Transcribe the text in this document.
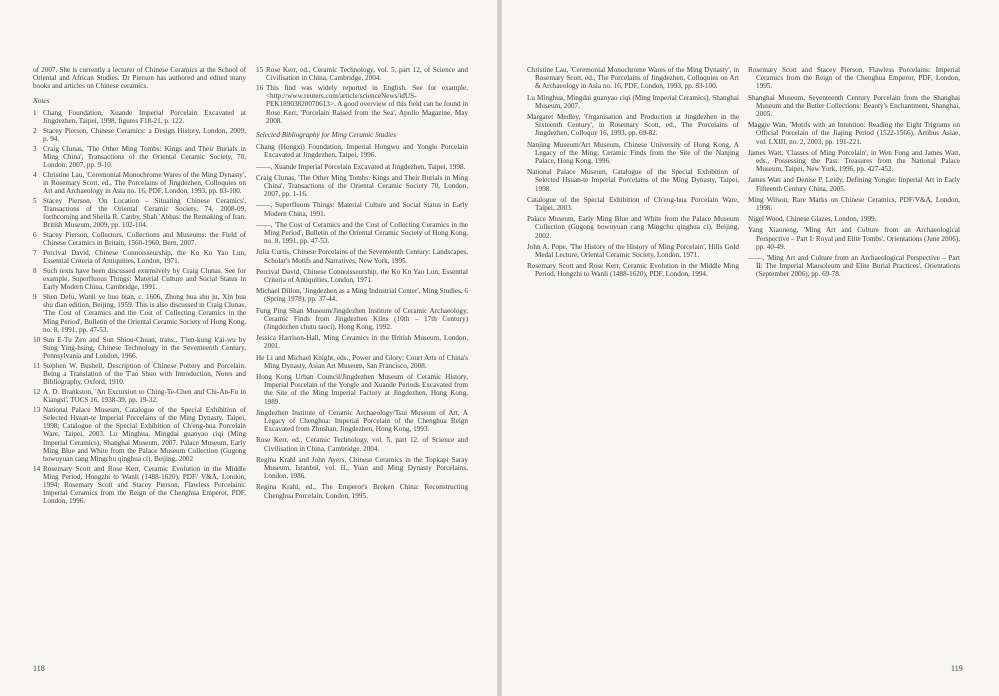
of 2007. She is currently a lecturer of Chinese Ceramics at the School of Oriental and African Studies. Dr Pierson has authored and edited many books and articles on Chinese ceramics.

Notes
1 Chang Foundation, Xuande Imperial Porcelain Excavated at Jingdezhen, Taipei, 1998, figures F18-21, p. 122.
2 Stacey Pierson, Chinese Ceramics: a Design History, London, 2009, p. 94.
3 Craig Clunas, 'The Other Ming Tombs: Kings and Their Burials in Ming China', Transactions of the Oriental Ceramic Society, 70, London, 2007, pp. 9-10.
4 Christine Lau, 'Ceremonial Monochrome Wares of the Ming Dynasty', in Rosemary Scott, ed., The Porcelains of Jingdezhen, Colloquies on Art and Archaeology in Asia no. 16, PDF, London, 1993, pp. 83-100.
5 Stacey Pierson, 'On Location – Situating Chinese Ceramics', Transactions of the Oriental Ceramic Society, 74, 2008-09, forthcoming and Sheila R. Canby, Shah 'Abbas: the Remaking of Iran, British Museum, 2009, pp. 102-104.
6 Stacey Pierson, Collectors, Collections and Museums: the Field of Chinese Ceramics in Britain, 1560-1960, Bern, 2007.
7 Percival David, Chinese Connoisseurship, the Ko Ku Yao Lun, Essential Criteria of Antiquities, London, 1971.
8 Such texts have been discussed extensively by Craig Clunas. See for example, Superfluous Things: Material Culture and Social Status in Early Modern China, Cambridge, 1991.
9 Shen Defu, Wanli ye huo bian, c. 1606, Zhong hua shu ju, Xin hua shu dian edition, Beijing, 1959. This is also discussed in Craig Clunas, 'The Cost of Ceramics and the Cost of Collecting Ceramics in the Ming Period', Bulletin of the Oriental Ceramic Society of Hong Kong, no. 8, 1991, pp. 47-53.
10 Sun E-Tu Zen and Sun Shiou-Chuan, trans., T'ien-kung k'ai-wu by Sung Ying-hsing, Chinese Technology in the Seventeenth Century, Pennsylvania and London, 1966.
11 Stephen W. Bushell, Description of Chinese Pottery and Porcelain. Being a Translation of the T'ao Shuo with Introduction, Notes and Bibliography, Oxford, 1910.
12 A. D. Brankston, 'An Excursion to Ching-Te-Chen and Chi-An-Fu in Kiangsi', TOCS 16, 1938-39, pp. 19-32.
13 National Palace Museum, Catalogue of the Special Exhibition of Selected Hsuan-te Imperial Porcelains of the Ming Dynasty, Taipei, 1998; Catalogue of the Special Exhibition of Ch'eng-hua Porcelain Ware, Taipei, 2003. Lu Minghua, Mingdai guanyao ciqi (Ming Imperial Ceramics), Shanghai Museum, 2007. Palace Museum, Early Ming Blue and White from the Palace Museum Collection (Gugong bowuyuan cang Mingchu qinghua ci), Beijing, 2002
14 Rosemary Scott and Rose Kerr, Ceramic Evolution in the Middle Ming Period, Hongzhi to Wanli (1488-1620), PDF/ V&A, London, 1994; Rosemary Scott and Stacey Pierson, Flawless Porcelains: Imperial Ceramics from the Reign of the Chenghua Emperor, PDF, London, 1996.
15 Rose Kerr, ed., Ceramic Technology, vol. 5, part 12, of Science and Civilisation in China, Cambridge, 2004.
16 This find was widely reported in English. See for example, <http://www.reuters.com/article/scienceNews/idUS-PEK18903820070613>. A good overview of this field can be found in Rose Kerr, 'Porcelain Raised from the Sea', Apollo Magazine, May 2008.
Selected Bibliography for Ming Ceramic Studies

Chang (Hongxi) Foundation, Imperial Hongwu and Yongle Porcelain Excavated at Jingdezhen, Taipei, 1996.

——, Xuande Imperial Porcelain Excavated at Jingdezhen, Taipei, 1998.

Craig Clunas, 'The Other Ming Tombs: Kings and Their Burials in Ming China', Transactions of the Oriental Ceramic Society 70, London, 2007, pp. 1-16.

——, Superfluous Things: Material Culture and Social Status in Early Modern China, 1991.

——, 'The Cost of Ceramics and the Cost of Collecting Ceramics in the Ming Period', Bulletin of the Oriental Ceramic Society of Hong Kong, no. 8, 1991, pp. 47-53.

Julia Curtis, Chinese Porcelains of the Seventeenth Century: Landscapes, Scholar's Motifs and Narratives, New York, 1995.

Percival David, Chinese Connoisseurship, the Ko Ku Yao Lun, Essential Criteria of Antiquities, London, 1971.

Michael Dillon, 'Jingdezhen as a Ming Industrial Center', Ming Studies, 6 (Spring 1978), pp. 37-44.

Fung Ping Shan Museum/Jingdezhen Institute of Ceramic Archaeology, Ceramic Finds from Jingdezhen Kilns (10th – 17th Century) (Jingdezhen chutu taoci), Hong Kong, 1992.

Jessica Harrison-Hall, Ming Ceramics in the British Museum, London, 2001.

He Li and Michael Knight, eds., Power and Glory: Court Arts of China's Ming Dynasty, Asian Art Museum, San Francisco, 2008.

Hong Kong Urban Council/Jingdezhen Museum of Ceramic History, Imperial Porcelain of the Yongle and Xuande Periods Excavated from the Site of the Ming Imperial Factory at Jingdezhen, Hong Kong, 1989.

Jingdezhen Institute of Ceramic Archaeology/Tsui Museum of Art, A Legacy of Chenghua: Imperial Porcelain of the Chenghua Reign Excavated from Zhushan, Jingdezhen, Hong Kong, 1993.

Rose Kerr, ed., Ceramic Technology, vol. 5, part 12, of Science and Civilisation in China, Cambridge, 2004.

Regina Krahl and John Ayers, Chinese Ceramics in the Topkapi Saray Museum, Istanbul, vol. II., Yuan and Ming Dynasty Porcelains, London, 1986.

Regina Krahl, ed., The Emperor's Broken China: Reconstructing Chenghua Porcelain, London, 1995.

118

Christine Lau, 'Ceremonial Monochrome Wares of the Ming Dynasty', in Rosemary Scott, ed., The Porcelains of Jingdezhen, Colloquies on Art & Archaeology in Asia no. 16, PDF, London, 1993, pp. 83-100.

Lu Minghua, Mingdai guanyao ciqi (Ming Imperial Ceramics), Shanghai Museum, 2007.

Margaret Medley, 'Organisation and Production at Jingdezhen in the Sixteenth Century', in Rosemary Scott, ed., The Porcelains of Jingdezhen, Colloquy 16, 1993, pp. 69-82.

Nanjing Museum/Art Museum, Chinese University of Hong Kong, A Legacy of the Ming: Ceramic Finds from the Site of the Nanjing Palace, Hong Kong, 1996.

National Palace Museum, Catalogue of the Special Exhibition of Selected Hsuan-te Imperial Porcelains of the Ming Dynasty, Taipei, 1998.

Catalogue of the Special Exhibition of Ch'eng-hua Porcelain Ware, Taipei, 2003.

Palace Museum, Early Ming Blue and White from the Palace Museum Collection (Gugong bowuyuan cang Mingchu qinghua ci), Beijing, 2002.

John A. Pope, 'The History of the History of Ming Porcelain', Hills Gold Medal Lecture, Oriental Ceramic Society, London, 1971.

Rosemary Scott and Rose Kerr, Ceramic Evolution in the Middle Ming Period, Hongzhi to Wanli (1488-1620), PDF, London, 1994.

Rosemary Scott and Stacey Pierson, Flawless Porcelains: Imperial Ceramics from the Reign of the Chenghua Emperor, PDF, London, 1995.

Shanghai Museum, Seventeenth Century Porcelain from the Shanghai Museum and the Butler Collections: Beauty's Enchantment, Shanghai, 2005.

Maggie Wan, 'Motifs with an Intention: Reading the Eight Trigrams on Official Porcelain of the Jiajing Period (1522-1566), Artibus Asiae, vol. LXIII, no. 2, 2003, pp. 191-221.

James Watt, 'Classes of Ming Porcelain', in Wen Fong and James Watt, eds., Possessing the Past: Treasures from the National Palace Museum, Taipei, New York, 1996, pp. 427-452.

James Watt and Denise P. Leidy, Defining Yongle: Imperial Art in Early Fifteenth Century China, 2005.

Ming Wilson, Rare Marks on Chinese Ceramics, PDF/V&A, London, 1998.

Nigel Wood, Chinese Glazes, London, 1999.

Yang Xiaoneng, 'Ming Art and Culture from an Archaeological Perspective – Part I: Royal and Elite Tombs', Orientations (June 2006), pp. 40-49.

——, 'Ming Art and Culture from an Archaeological Perspective – Part II: The Imperial Mausoleum and Elite Burial Practices', Orientations (September 2006), pp. 69-78.

119
